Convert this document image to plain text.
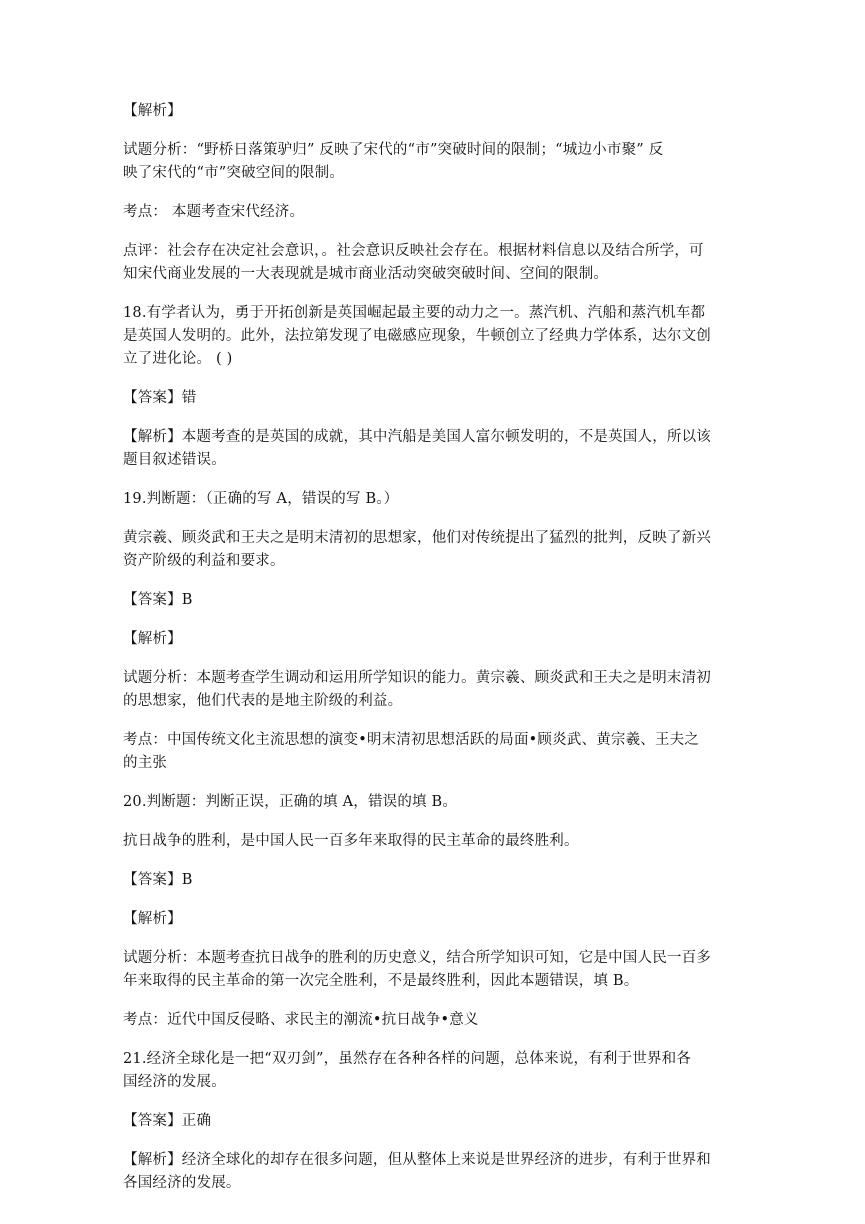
【解析】

试题分析：“野桥日落策驴归” 反映了宋代的“市”突破时间的限制；“城边小市聚” 反
映了宋代的“市”突破空间的限制。

考点： 本题考查宋代经济。

点评：社会存在决定社会意识，。社会意识反映社会存在。根据材料信息以及结合所学，可
知宋代商业发展的一大表现就是城市商业活动突破突破时间、空间的限制。

18.有学者认为，勇于开拓创新是英国崛起最主要的动力之一。蒸汽机、汽船和蒸汽机车都
是英国人发明的。此外，法拉第发现了电磁感应现象，牛顿创立了经典力学体系，达尔文创
立了进化论。 ( )

【答案】错

【解析】本题考查的是英国的成就，其中汽船是美国人富尔顿发明的，不是英国人，所以该
题目叙述错误。

19.判断题：（正确的写 A，错误的写 B。）

黄宗羲、顾炎武和王夫之是明末清初的思想家，他们对传统提出了猛烈的批判，反映了新兴
资产阶级的利益和要求。

【答案】B

【解析】

试题分析：本题考查学生调动和运用所学知识的能力。黄宗羲、顾炎武和王夫之是明末清初
的思想家，他们代表的是地主阶级的利益。

考点：中国传统文化主流思想的演变•明末清初思想活跃的局面•顾炎武、黄宗羲、王夫之
的主张

20.判断题：判断正误，正确的填 A，错误的填 B。

抗日战争的胜利，是中国人民一百多年来取得的民主革命的最终胜利。

【答案】B

【解析】

试题分析：本题考查抗日战争的胜利的历史意义，结合所学知识可知，它是中国人民一百多
年来取得的民主革命的第一次完全胜利，不是最终胜利，因此本题错误，填 B。

考点：近代中国反侵略、求民主的潮流•抗日战争•意义

21.经济全球化是一把“双刃剑”，虽然存在各种各样的问题，总体来说，有利于世界和各
国经济的发展。

【答案】正确

【解析】经济全球化的却存在很多问题，但从整体上来说是世界经济的进步，有利于世界和
各国经济的发展。
